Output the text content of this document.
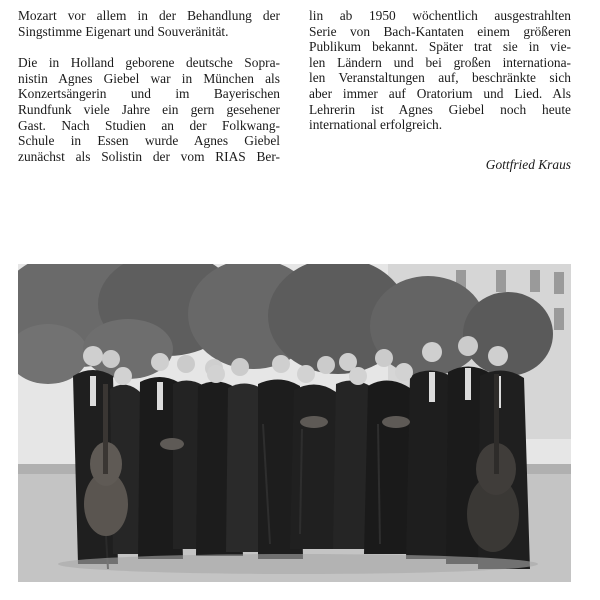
Mozart vor allem in der Behandlung der
Singstimme Eigenart und Souveränität.
Die in Holland geborene deutsche Sopra-
nistin Agnes Giebel war in München als
Konzertsängerin und im Bayerischen
Rundfunk viele Jahre ein gern gesehener
Gast. Nach Studien an der Folkwang-
Schule in Essen wurde Agnes Giebel
zunächst als Solistin der vom RIAS Ber-
lin ab 1950 wöchentlich ausgestrahlten
Serie von Bach-Kantaten einem größeren
Publikum bekannt. Später trat sie in vie-
len Ländern und bei großen internationa-
len Veranstaltungen auf, beschränkte sich
aber immer auf Oratorium und Lied. Als
Lehrerin ist Agnes Giebel noch heute
international erfolgreich.
Gottfried Kraus
